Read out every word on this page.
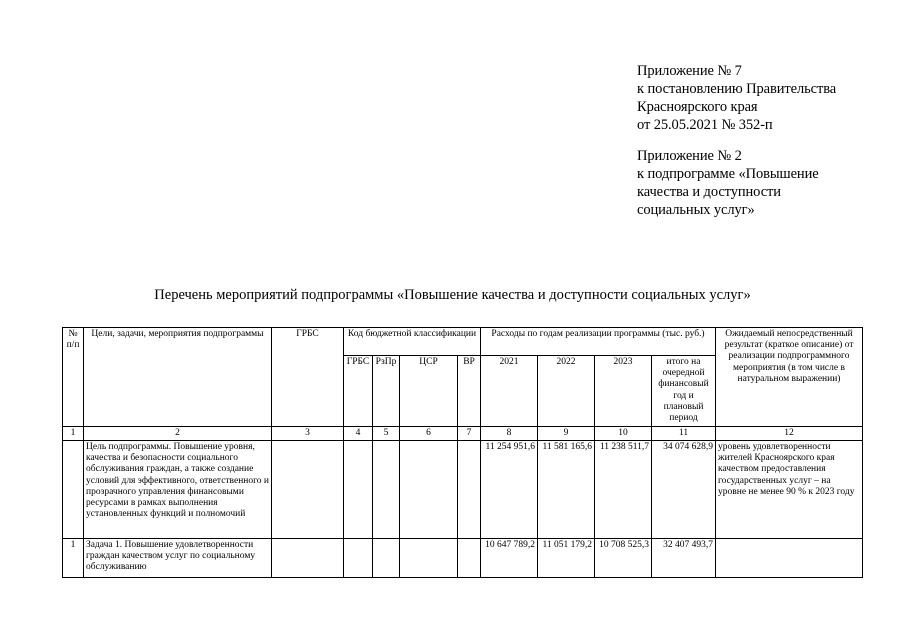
Приложение № 7
к постановлению Правительства
Красноярского края
от 25.05.2021 № 352-п
Приложение № 2
к подпрограмме «Повышение
качества и доступности
социальных услуг»
Перечень мероприятий подпрограммы «Повышение качества и доступности социальных услуг»
№ п/п	Цели, задачи, мероприятия подпрограммы	ГРБС	Код бюджетной классификации				Расходы по годам реализации программы (тыс. руб.)				Ожидаемый непосредственный результат (краткое описание) от реализации подпрограммного мероприятия (в том числе в натуральном выражении)
			ГРБС	РзПр	ЦСР	ВР	2021	2022	2023	итого на очередной финансовый год и плановый период	
1	2	3	4	5	6	7	8	9	10	11	12
	Цель подпрограммы. Повышение уровня, качества и безопасности социального обслуживания граждан, а также создание условий для эффективного, ответственного и прозрачного управления финансовыми ресурсами в рамках выполнения установленных функций и полномочий						11 254 951,6	11 581 165,6	11 238 511,7	34 074 628,9	уровень удовлетворенности жителей Красноярского края качеством предоставления государственных услуг – на уровне не менее 90 % к 2023 году
1	Задача 1. Повышение удовлетворенности граждан качеством услуг по социальному обслуживанию						10 647 789,2	11 051 179,2	10 708 525,3	32 407 493,7	
